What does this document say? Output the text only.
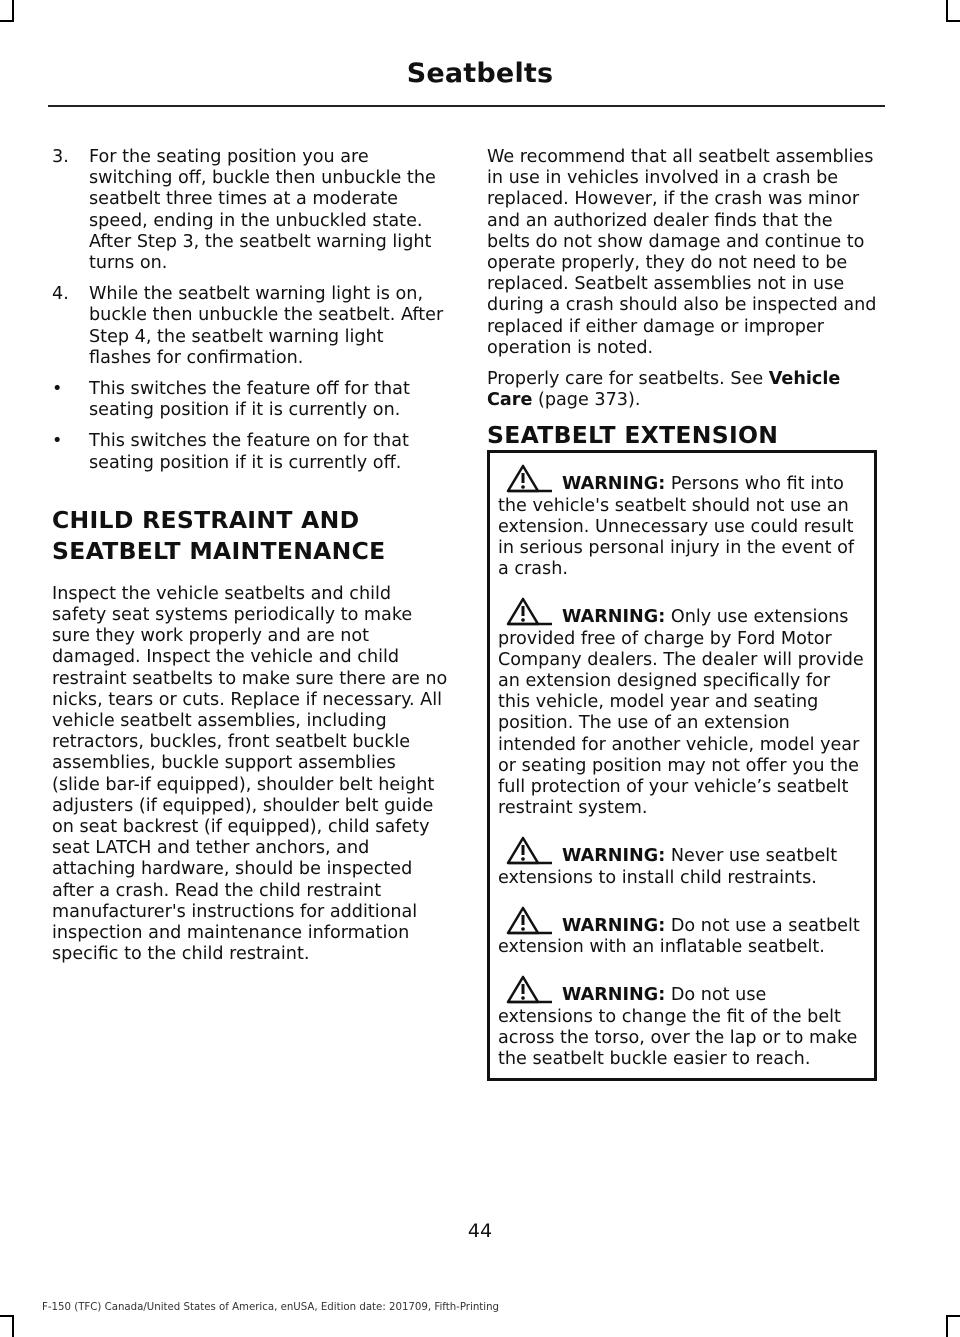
Seatbelts
3. For the seating position you are switching off, buckle then unbuckle the seatbelt three times at a moderate speed, ending in the unbuckled state. After Step 3, the seatbelt warning light turns on.
4. While the seatbelt warning light is on, buckle then unbuckle the seatbelt. After Step 4, the seatbelt warning light flashes for confirmation.
• This switches the feature off for that seating position if it is currently on.
• This switches the feature on for that seating position if it is currently off.
CHILD RESTRAINT AND
SEATBELT MAINTENANCE

Inspect the vehicle seatbelts and child safety seat systems periodically to make sure they work properly and are not damaged. Inspect the vehicle and child restraint seatbelts to make sure there are no nicks, tears or cuts. Replace if necessary. All vehicle seatbelt assemblies, including retractors, buckles, front seatbelt buckle assemblies, buckle support assemblies (slide bar-if equipped), shoulder belt height adjusters (if equipped), shoulder belt guide on seat backrest (if equipped), child safety seat LATCH and tether anchors, and attaching hardware, should be inspected after a crash. Read the child restraint manufacturer's instructions for additional inspection and maintenance information specific to the child restraint.

We recommend that all seatbelt assemblies in use in vehicles involved in a crash be replaced. However, if the crash was minor and an authorized dealer finds that the belts do not show damage and continue to operate properly, they do not need to be replaced. Seatbelt assemblies not in use during a crash should also be inspected and replaced if either damage or improper operation is noted.

Properly care for seatbelts. See Vehicle Care (page 373).

SEATBELT EXTENSION
WARNING: Persons who fit into the vehicle's seatbelt should not use an extension. Unnecessary use could result in serious personal injury in the event of a crash.
WARNING: Only use extensions provided free of charge by Ford Motor Company dealers. The dealer will provide an extension designed specifically for this vehicle, model year and seating position. The use of an extension intended for another vehicle, model year or seating position may not offer you the full protection of your vehicle’s seatbelt restraint system.
WARNING: Never use seatbelt extensions to install child restraints.
WARNING: Do not use a seatbelt extension with an inflatable seatbelt.
WARNING: Do not use extensions to change the fit of the belt across the torso, over the lap or to make the seatbelt buckle easier to reach.
44
F-150 (TFC) Canada/United States of America, enUSA, Edition date: 201709, Fifth-Printing
